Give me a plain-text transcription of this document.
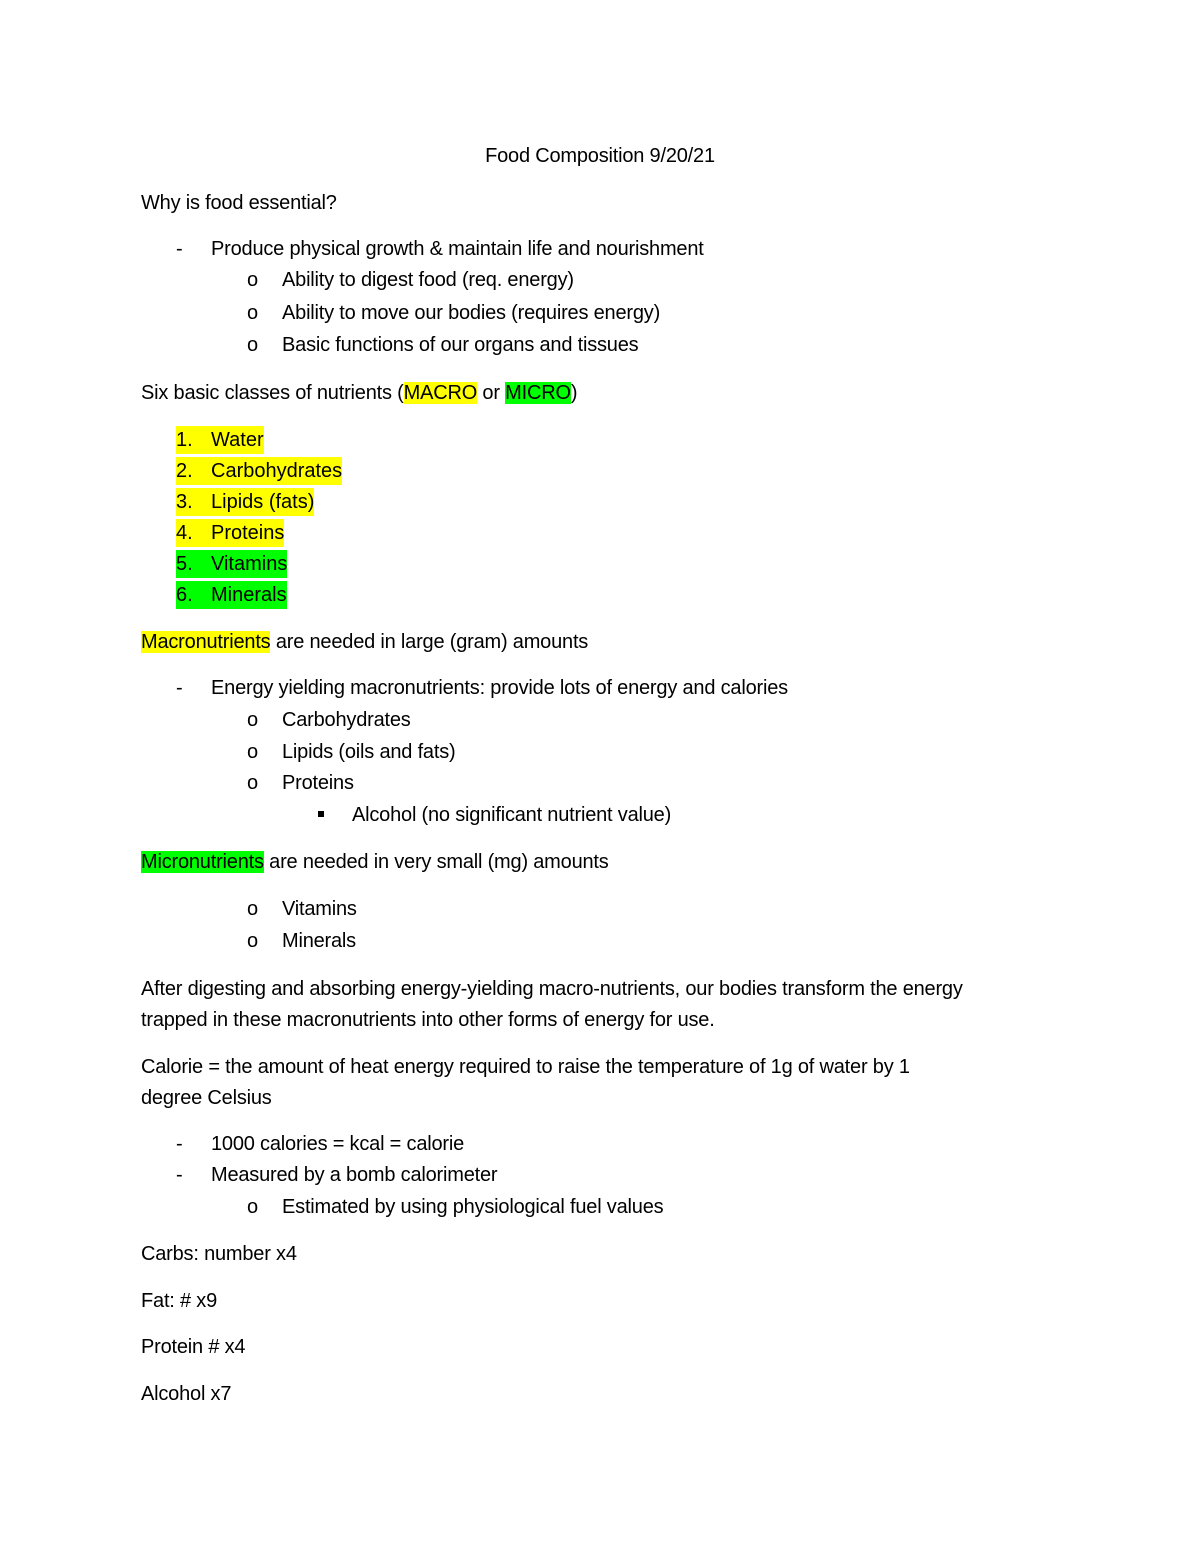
Food Composition 9/20/21
Why is food essential?
- Produce physical growth & maintain life and nourishment
o Ability to digest food (req. energy)
o Ability to move our bodies (requires energy)
o Basic functions of our organs and tissues
Six basic classes of nutrients (MACRO or MICRO)
1. Water
2. Carbohydrates
3. Lipids (fats)
4. Proteins
5. Vitamins
6. Minerals
Macronutrients are needed in large (gram) amounts
- Energy yielding macronutrients: provide lots of energy and calories
o Carbohydrates
o Lipids (oils and fats)
o Proteins
Alcohol (no significant nutrient value)
Micronutrients are needed in very small (mg) amounts
o Vitamins
o Minerals
After digesting and absorbing energy-yielding macro-nutrients, our bodies transform the energy
trapped in these macronutrients into other forms of energy for use.
Calorie = the amount of heat energy required to raise the temperature of 1g of water by 1
degree Celsius
- 1000 calories = kcal = calorie
- Measured by a bomb calorimeter
o Estimated by using physiological fuel values
Carbs: number x4
Fat: # x9
Protein # x4
Alcohol x7
